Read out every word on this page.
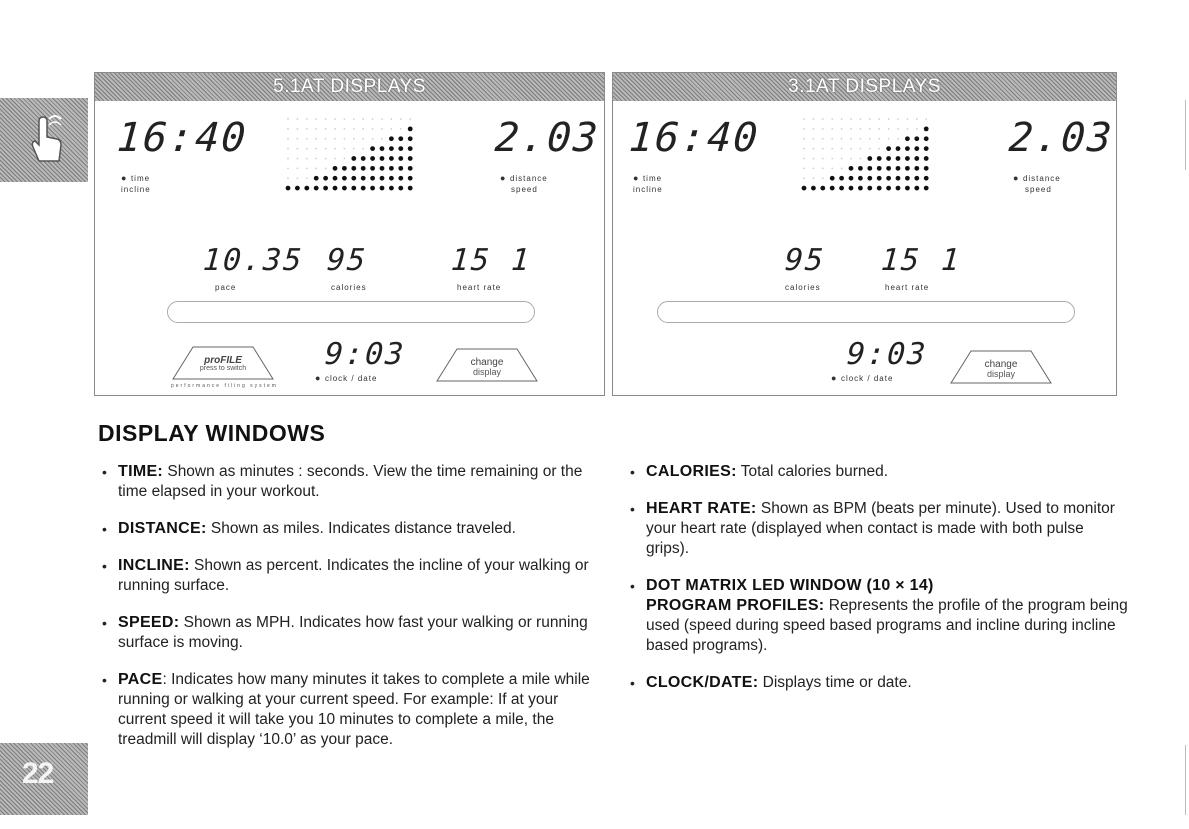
22
5.1AT DISPLAYS
16:40
● time
incline
2.03
● distance
speed
10.35
pace
95
calories
15 1
heart rate
proFILE
press to switch
performance filing system
9:03
● clock / date
change
display
3.1AT DISPLAYS
16:40
● time
incline
2.03
● distance
speed
95
calories
15 1
heart rate
9:03
● clock / date
change
display
DISPLAY WINDOWS
• TIME: Shown as minutes : seconds. View the time remaining or the time elapsed in your workout.
• DISTANCE: Shown as miles. Indicates distance traveled.
• INCLINE: Shown as percent. Indicates the incline of your walking or running surface.
• SPEED: Shown as MPH. Indicates how fast your walking or running surface is moving.
• PACE: Indicates how many minutes it takes to complete a mile while running or walking at your current speed. For example: If at your current speed it will take you 10 minutes to complete a mile, the treadmill will display ‘10.0’ as your pace.
• CALORIES: Total calories burned.
• HEART RATE: Shown as BPM (beats per minute). Used to monitor your heart rate (displayed when contact is made with both pulse grips).
• DOT MATRIX LED WINDOW (10 × 14)
PROGRAM PROFILES: Represents the profile of the program being used (speed during speed based programs and incline during incline based programs).
• CLOCK/DATE: Displays time or date.
